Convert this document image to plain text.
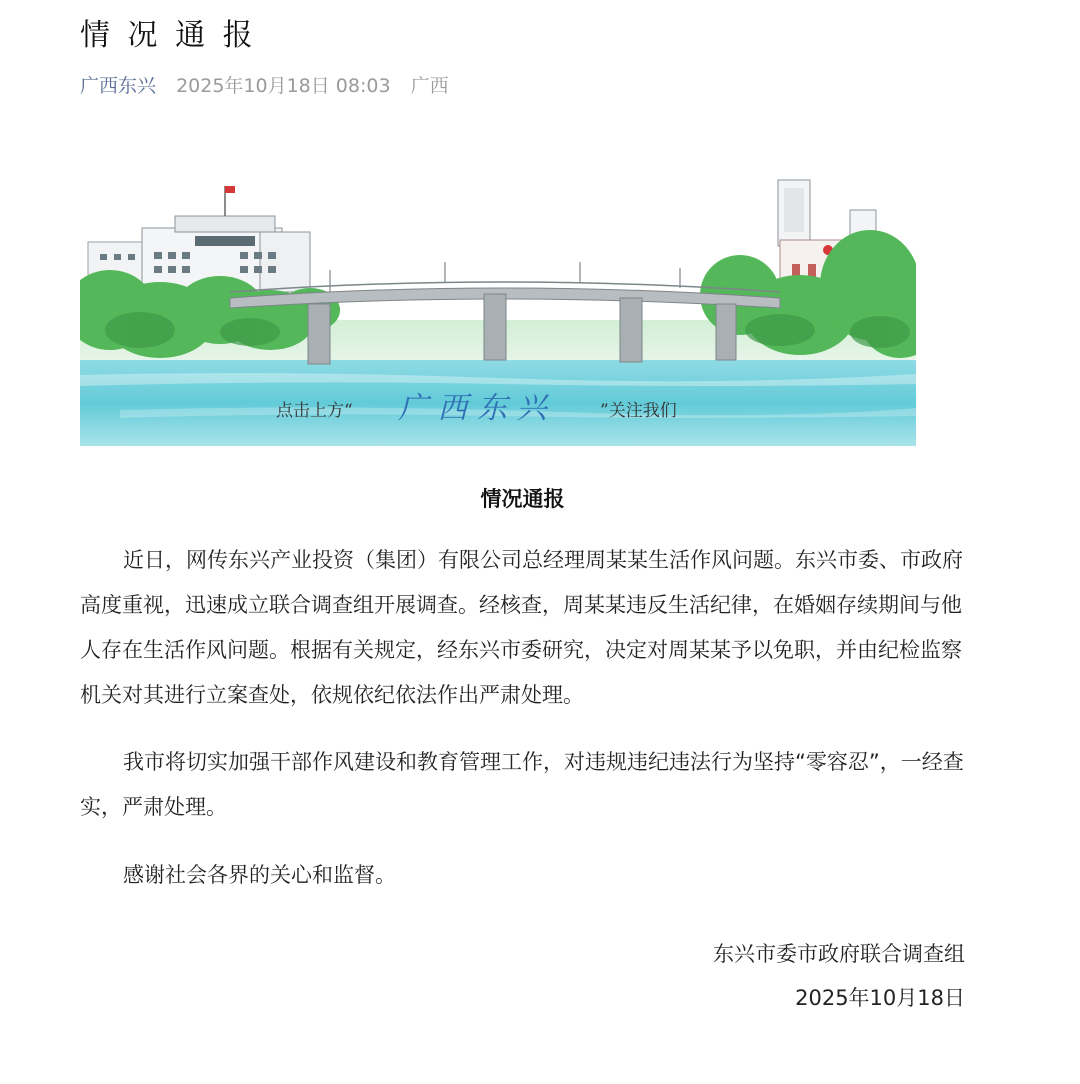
情 况 通 报
广西东兴 2025年10月18日 08:03 广西
点击上方“ 广 西 东 兴	”关注我们
情况通报

近日，网传东兴产业投资（集团）有限公司总经理周某某生活作风问题。东兴市委、市政府高度重视，迅速成立联合调查组开展调查。经核查，周某某违反生活纪律，在婚姻存续期间与他人存在生活作风问题。根据有关规定，经东兴市委研究，决定对周某某予以免职，并由纪检监察机关对其进行立案查处，依规依纪依法作出严肃处理。

我市将切实加强干部作风建设和教育管理工作，对违规违纪违法行为坚持“零容忍”，一经查实，严肃处理。

感谢社会各界的关心和监督。

东兴市委市政府联合调查组
2025年10月18日
